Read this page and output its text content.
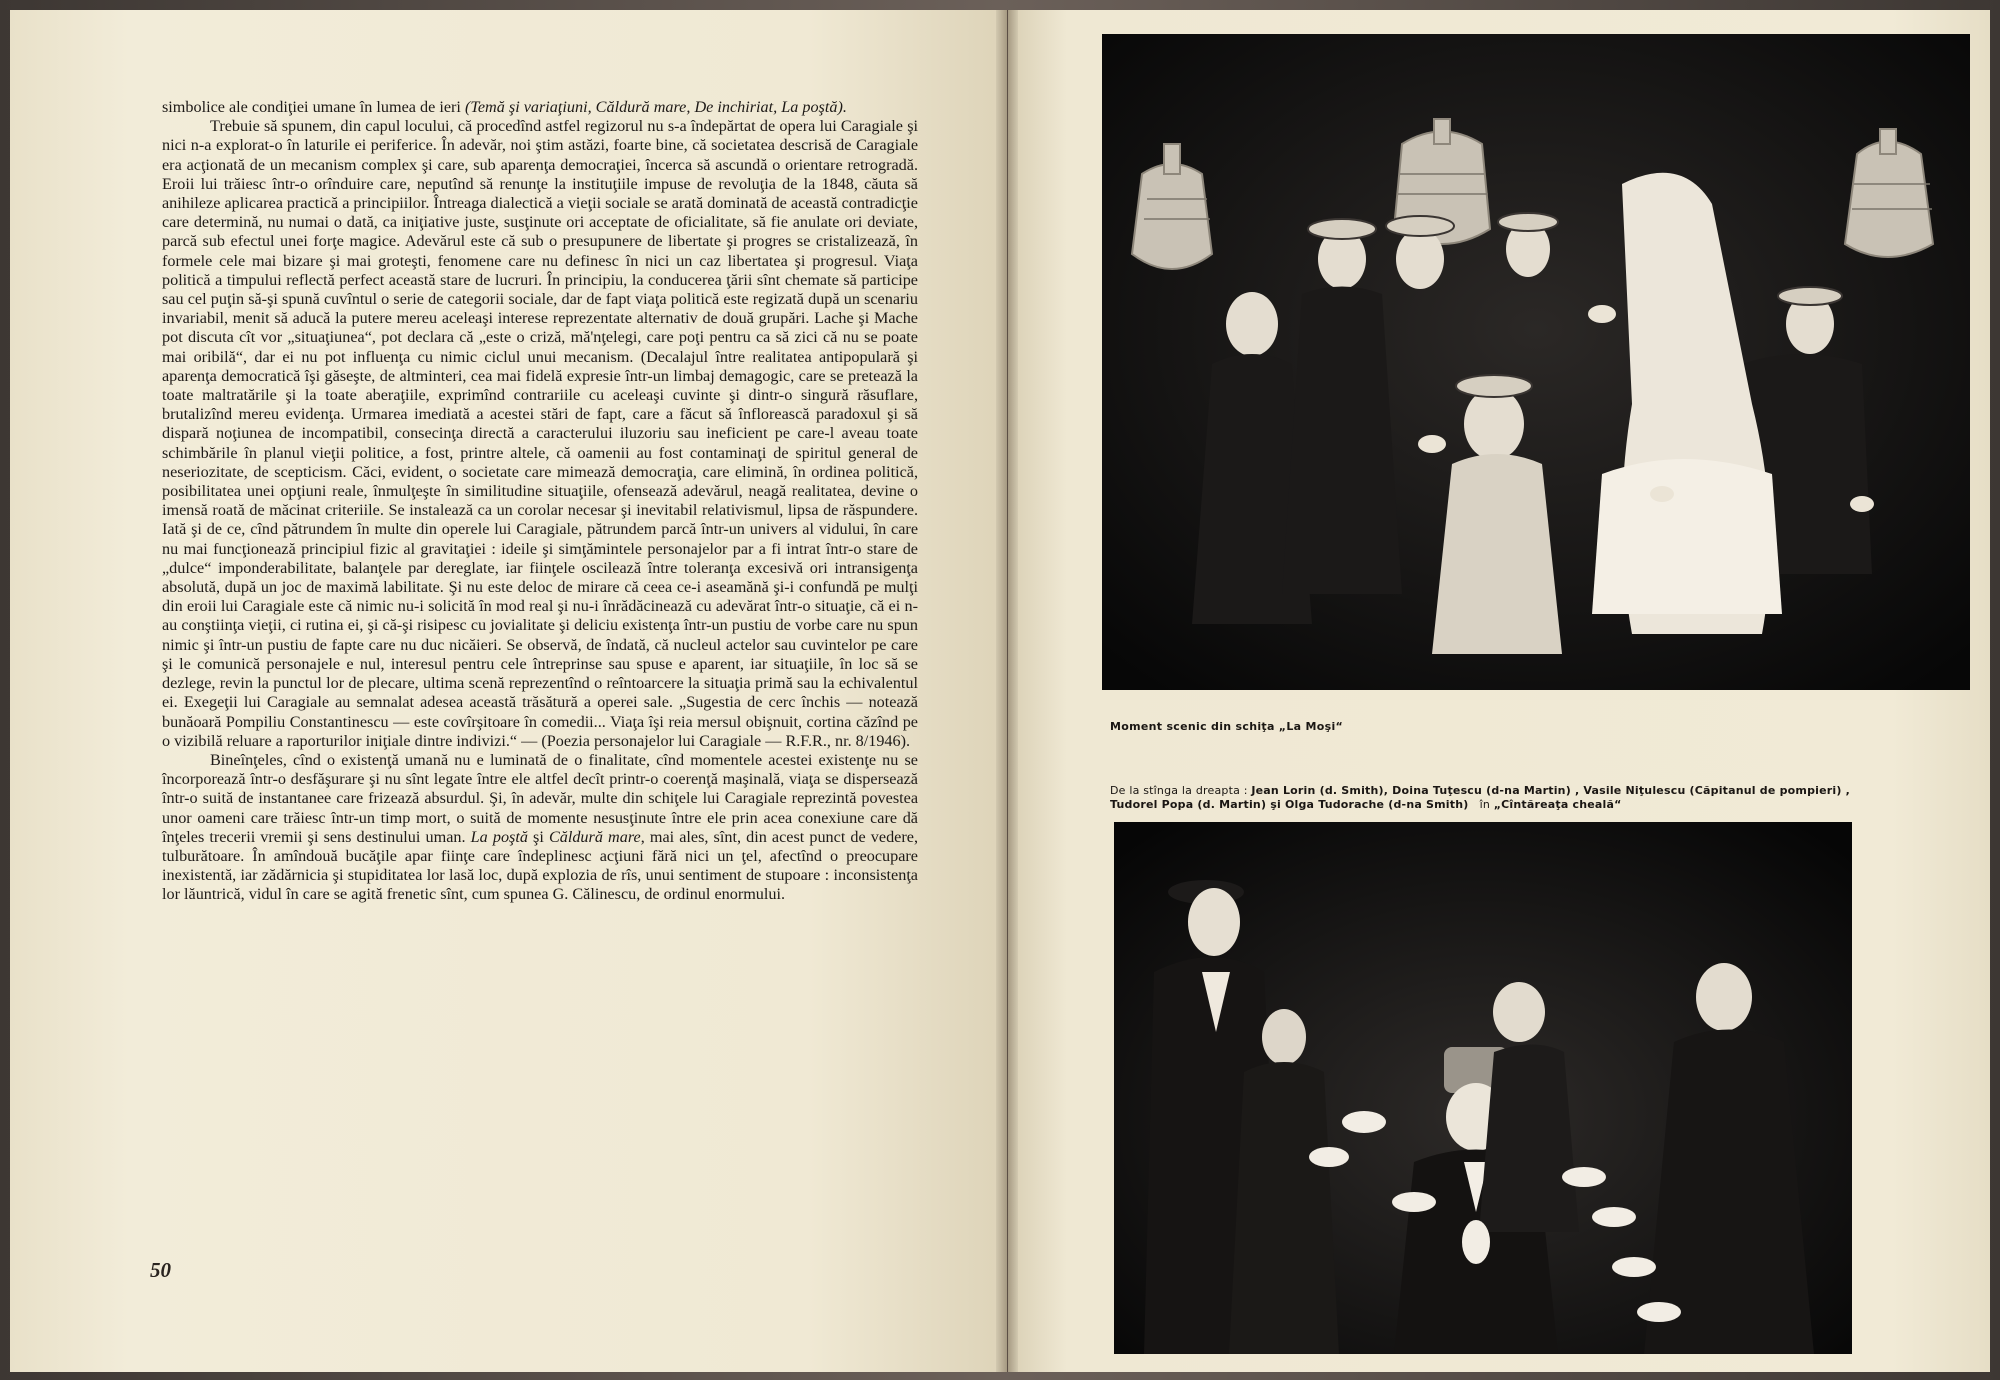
simbolice ale condiţiei umane în lumea de ieri (Temă şi variaţiuni, Căldură mare, De inchiriat, La poştă).

Trebuie să spunem, din capul locului, că procedînd astfel regizorul nu s-a îndepărtat de opera lui Caragiale şi nici n-a explorat-o în laturile ei periferice. În adevăr, noi ştim astăzi, foarte bine, că societatea descrisă de Caragiale era acţionată de un mecanism complex şi care, sub aparenţa democraţiei, încerca să ascundă o orientare retrogradă. Eroii lui trăiesc într-o orînduire care, neputînd să renunţe la instituţiile impuse de revoluţia de la 1848, căuta să anihileze aplicarea practică a principiilor. Întreaga dialectică a vieţii sociale se arată dominată de această contradicţie care determină, nu numai o dată, ca iniţiative juste, susţinute ori acceptate de oficialitate, să fie anulate ori deviate, parcă sub efectul unei forţe magice. Adevărul este că sub o presupunere de libertate şi progres se cristalizează, în formele cele mai bizare şi mai groteşti, fenomene care nu definesc în nici un caz libertatea şi progresul. Viaţa politică a timpului reflectă perfect această stare de lucruri. În principiu, la conducerea ţării sînt chemate să participe sau cel puţin să-şi spună cuvîntul o serie de categorii sociale, dar de fapt viaţa politică este regizată după un scenariu invariabil, menit să aducă la putere mereu aceleaşi interese reprezentate alternativ de două grupări. Lache şi Mache pot discuta cît vor „situaţiunea“, pot declara că „este o criză, mă'nţelegi, care poţi pentru ca să zici că nu se poate mai oribilă“, dar ei nu pot influenţa cu nimic ciclul unui mecanism. (Decalajul între realitatea antipopulară şi aparenţa democratică îşi găseşte, de altminteri, cea mai fidelă expresie într-un limbaj demagogic, care se pretează la toate maltratările şi la toate aberaţiile, exprimînd contrariile cu aceleaşi cuvinte şi dintr-o singură răsuflare, brutalizînd mereu evidenţa. Urmarea imediată a acestei stări de fapt, care a făcut să înflorească paradoxul şi să dispară noţiunea de incompatibil, consecinţa directă a caracterului iluzoriu sau ineficient pe care-l aveau toate schimbările în planul vieţii politice, a fost, printre altele, că oamenii au fost contaminaţi de spiritul general de neseriozitate, de scepticism. Căci, evident, o societate care mimează democraţia, care elimină, în ordinea politică, posibilitatea unei opţiuni reale, înmulţeşte în similitudine situaţiile, ofensează adevărul, neagă realitatea, devine o imensă roată de măcinat criteriile. Se instalează ca un corolar necesar şi inevitabil relativismul, lipsa de răspundere. Iată şi de ce, cînd pătrundem în multe din operele lui Caragiale, pătrundem parcă într-un univers al vidului, în care nu mai funcţionează principiul fizic al gravitaţiei : ideile şi simţămintele personajelor par a fi intrat într-o stare de „dulce“ imponderabilitate, balanţele par dereglate, iar fiinţele oscilează între toleranţa excesivă ori intransigenţa absolută, după un joc de maximă labilitate. Şi nu este deloc de mirare că ceea ce-i aseamănă şi-i confundă pe mulţi din eroii lui Caragiale este că nimic nu-i solicită în mod real şi nu-i înrădăcinează cu adevărat într-o situaţie, că ei n-au conştiinţa vieţii, ci rutina ei, şi că-şi risipesc cu jovialitate şi deliciu existenţa într-un pustiu de vorbe care nu spun nimic şi într-un pustiu de fapte care nu duc nicăieri. Se observă, de îndată, că nucleul actelor sau cuvintelor pe care şi le comunică personajele e nul, interesul pentru cele întreprinse sau spuse e aparent, iar situaţiile, în loc să se dezlege, revin la punctul lor de plecare, ultima scenă reprezentînd o reîntoarcere la situaţia primă sau la echivalentul ei. Exegeţii lui Caragiale au semnalat adesea această trăsătură a operei sale. „Sugestia de cerc închis — notează bunăoară Pompiliu Constantinescu — este covîrşitoare în comedii... Viaţa îşi reia mersul obişnuit, cortina căzînd pe o vizibilă reluare a raporturilor iniţiale dintre indivizi.“ — (Poezia personajelor lui Caragiale — R.F.R., nr. 8/1946).

Bineînţeles, cînd o existenţă umană nu e luminată de o finalitate, cînd momentele acestei existenţe nu se încorporează într-o desfăşurare şi nu sînt legate între ele altfel decît printr-o coerenţă maşinală, viaţa se dispersează într-o suită de instantanee care frizează absurdul. Şi, în adevăr, multe din schiţele lui Caragiale reprezintă povestea unor oameni care trăiesc într-un timp mort, o suită de momente nesusţinute între ele prin acea conexiune care dă înţeles trecerii vremii şi sens destinului uman. La poştă şi Căldură mare, mai ales, sînt, din acest punct de vedere, tulburătoare. În amîndouă bucăţile apar fiinţe care îndeplinesc acţiuni fără nici un ţel, afectînd o preocupare inexistentă, iar zădărnicia şi stupiditatea lor lasă loc, după explozia de rîs, unui sentiment de stupoare : inconsistenţa lor lăuntrică, vidul în care se agită frenetic sînt, cum spunea G. Călinescu, de ordinul enormului.

50
Moment scenic din schiţa „La Moşi“
De la stînga la dreapta : Jean Lorin (d. Smith), Doina Tuţescu (d-na Martin) , Vasile Niţulescu (Căpitanul de pompieri) , Tudorel Popa (d. Martin) şi Olga Tudorache (d-na Smith)   în „Cîntăreaţa cheală“
